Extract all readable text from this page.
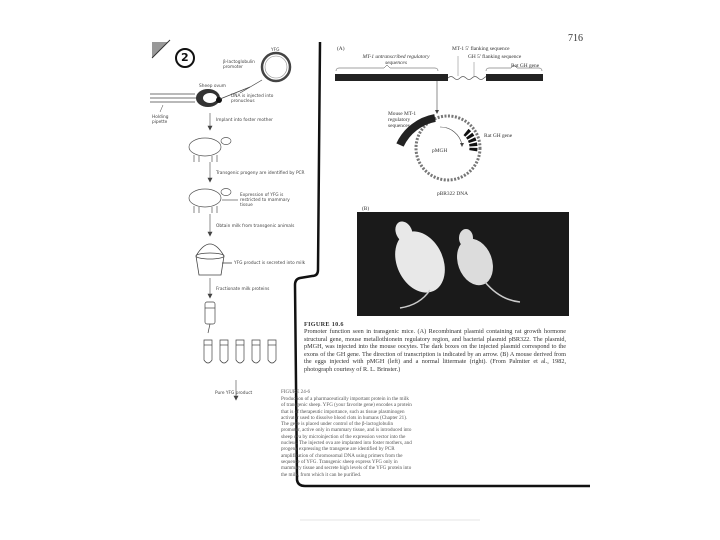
716
2
YFG
β-lactoglobulin promoter
Sheep ovum
DNA is injected into pronucleus
Holding pipette	Implant into foster mother
Transgenic progeny are identified by PCR
Expression of YFG is restricted to mammary tissue
Obtain milk from transgenic animals
YFG product is secreted into milk
Fractionate milk proteins
Pure YFG product
(A)
MT-1 untranscribed regulatory sequences
MT-1 5' flanking sequence
GH 5' flanking sequence
Rat GH gene
Mouse MT-1 regulatory sequences
Rat GH gene
pMGH
pBR322 DNA
(B)
FIGURE 10.6
Promoter function seen in transgenic mice. (A) Recombinant plasmid containing rat growth hormone structural gene, mouse metallothionein regulatory region, and bacterial plasmid pBR322. The plasmid, pMGH, was injected into the mouse oocytes. The dark boxes on the injected plasmid correspond to the exons of the GH gene. The direction of transcription is indicated by an arrow. (B) A mouse derived from the eggs injected with pMGH (left) and a normal littermate (right). (From Palmiter et al., 1982, photograph courtesy of R. L. Brinster.)
FIGURE 24-6
Production of a pharmaceutically important protein in the milk of transgenic sheep. YFG (your favorite gene) encodes a protein that is of therapeutic importance, such as tissue plasminogen activator used to dissolve blood clots in humans (Chapter 21). The gene is placed under control of the β-lactoglobulin promoter, active only in mammary tissue, and is introduced into sheep ova by microinjection of the expression vector into the nucleus. The injected ova are implanted into foster mothers, and progeny expressing the transgene are identified by PCR amplification of chromosomal DNA using primers from the sequence of YFG. Transgenic sheep express YFG only in mammary tissue and secrete high levels of the YFG protein into the milk, from which it can be purified.
